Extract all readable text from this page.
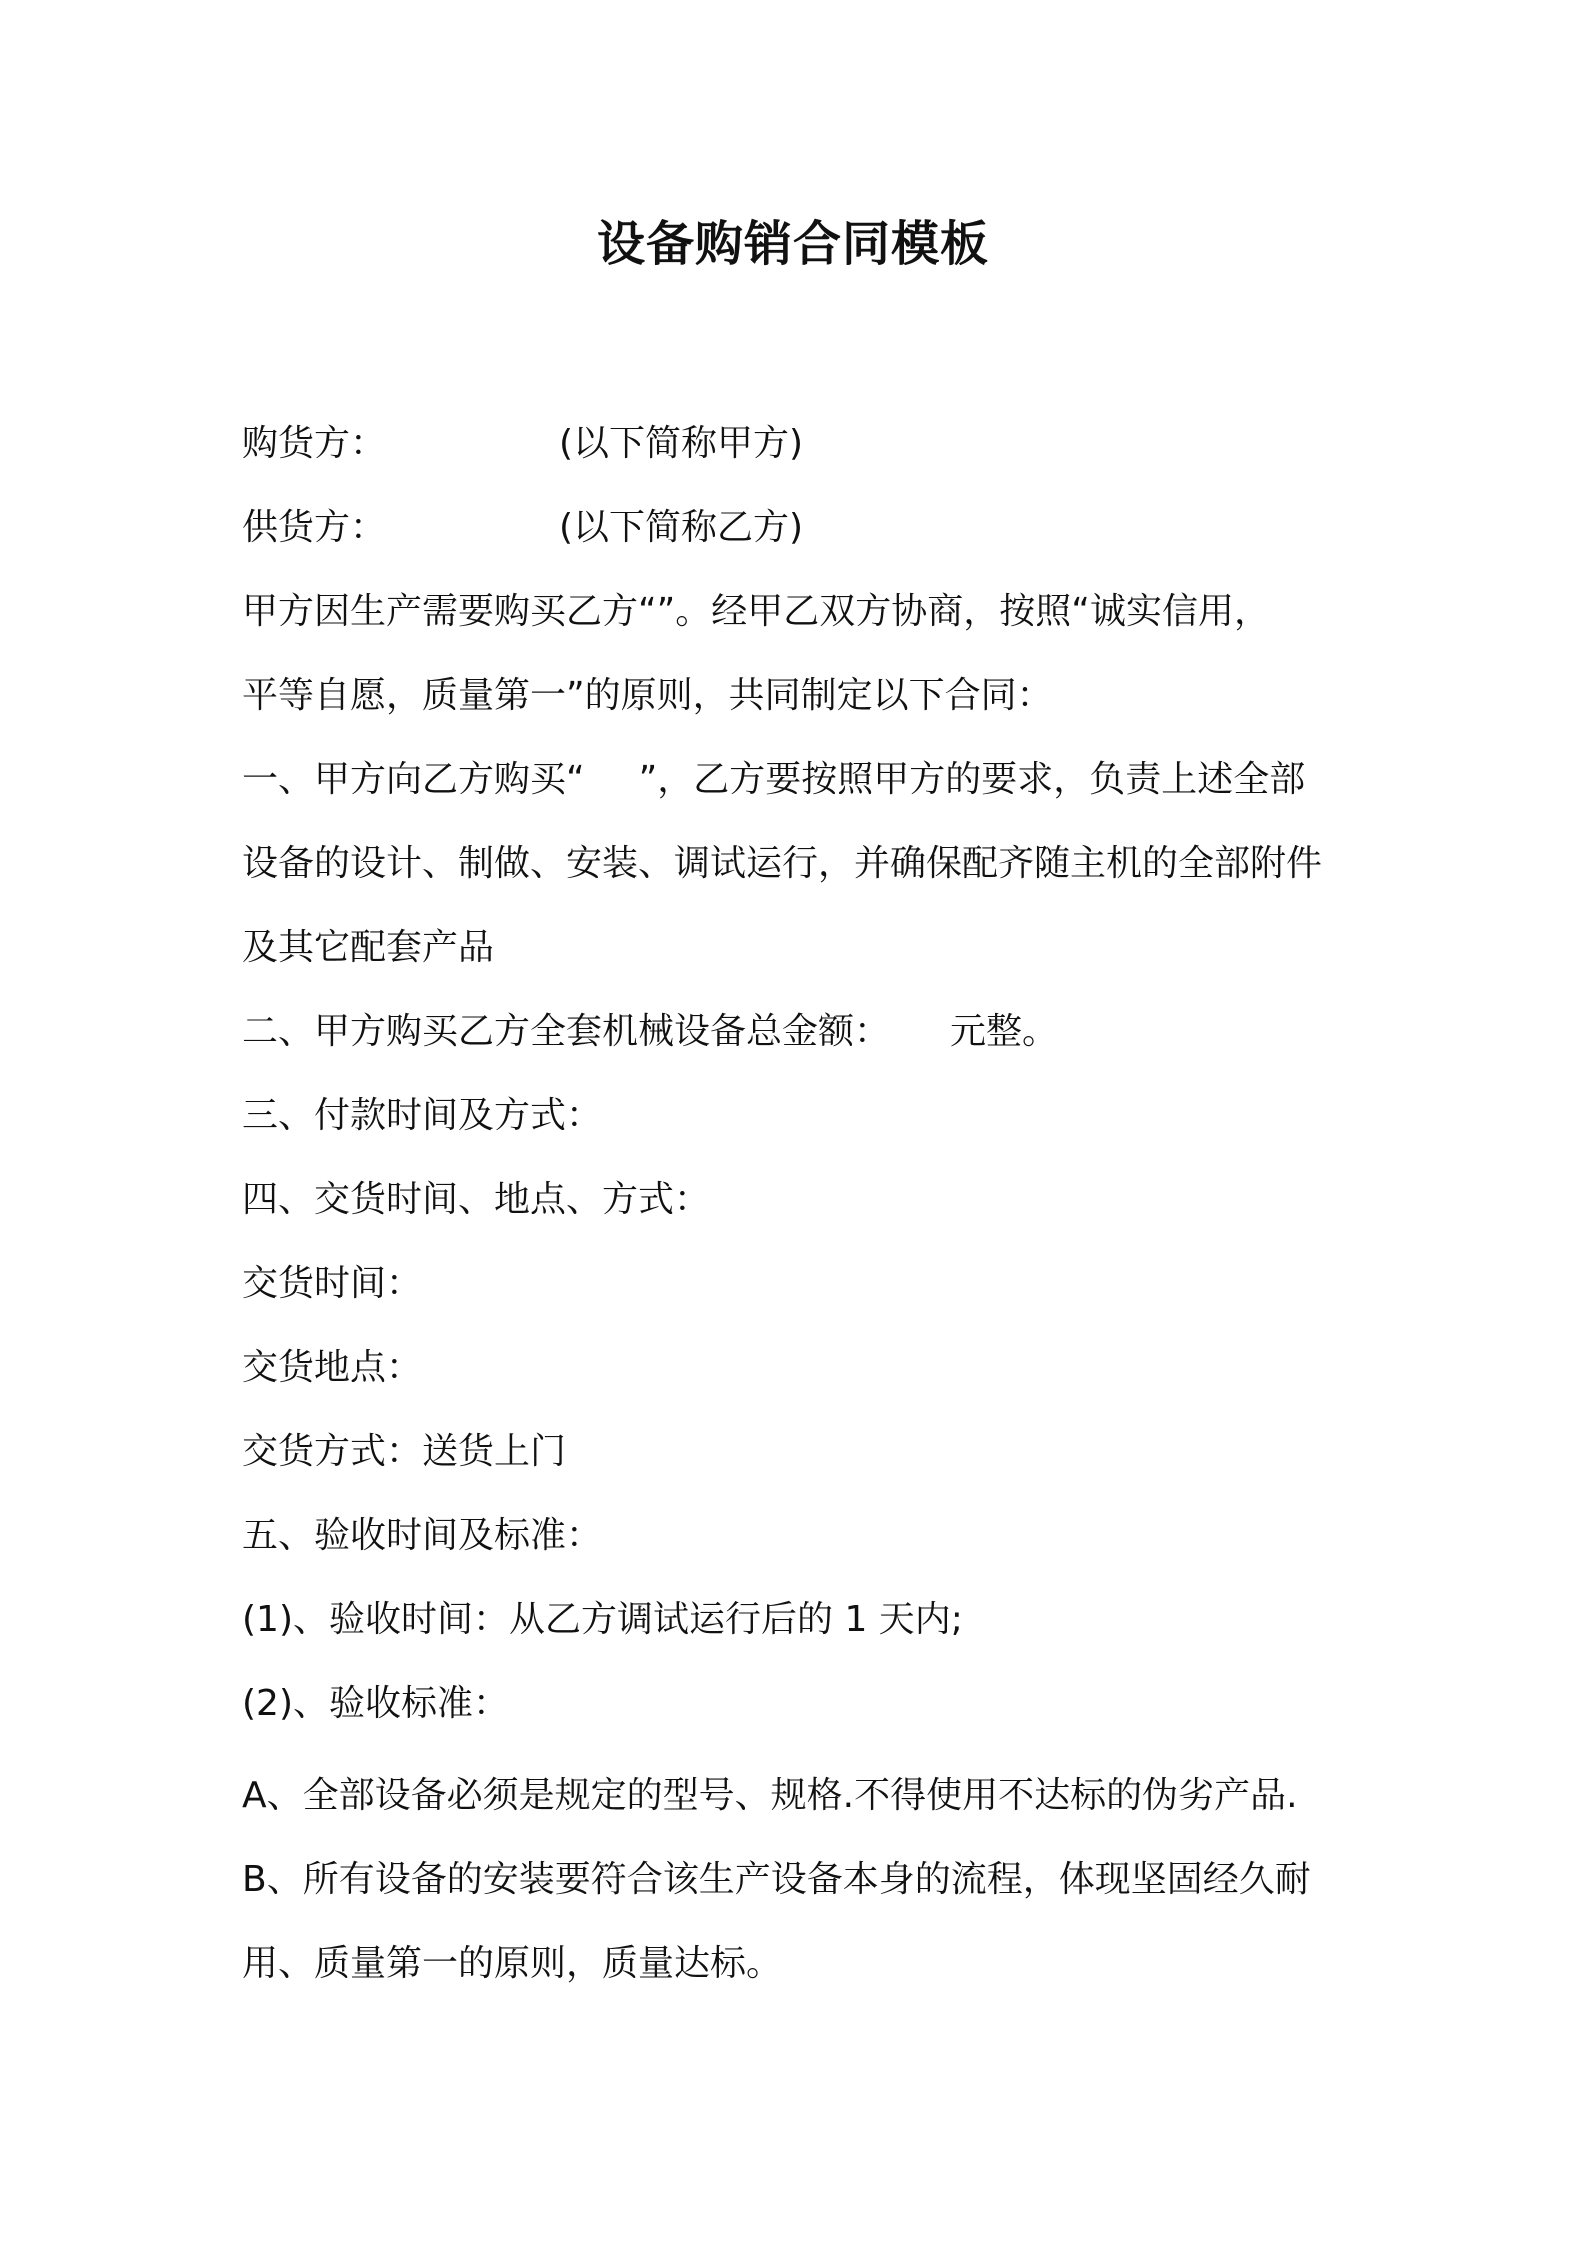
设备购销合同模板
购货方：	(以下简称甲方)
供货方：	(以下简称乙方)
甲方因生产需要购买乙方“”。经甲乙双方协商，按照“诚实信用，
平等自愿，质量第一”的原则，共同制定以下合同：
一、甲方向乙方购买“ ”，乙方要按照甲方的要求，负责上述全部
设备的设计、制做、安装、调试运行，并确保配齐随主机的全部附件
及其它配套产品
二、甲方购买乙方全套机械设备总金额： 元整。
三、付款时间及方式：
四、交货时间、地点、方式：
交货时间：
交货地点：
交货方式：送货上门
五、验收时间及标准：
(1)、验收时间：从乙方调试运行后的 1 天内;
(2)、验收标准：
A、全部设备必须是规定的型号、规格.不得使用不达标的伪劣产品.
B、所有设备的安装要符合该生产设备本身的流程，体现坚固经久耐
用、质量第一的原则，质量达标。
